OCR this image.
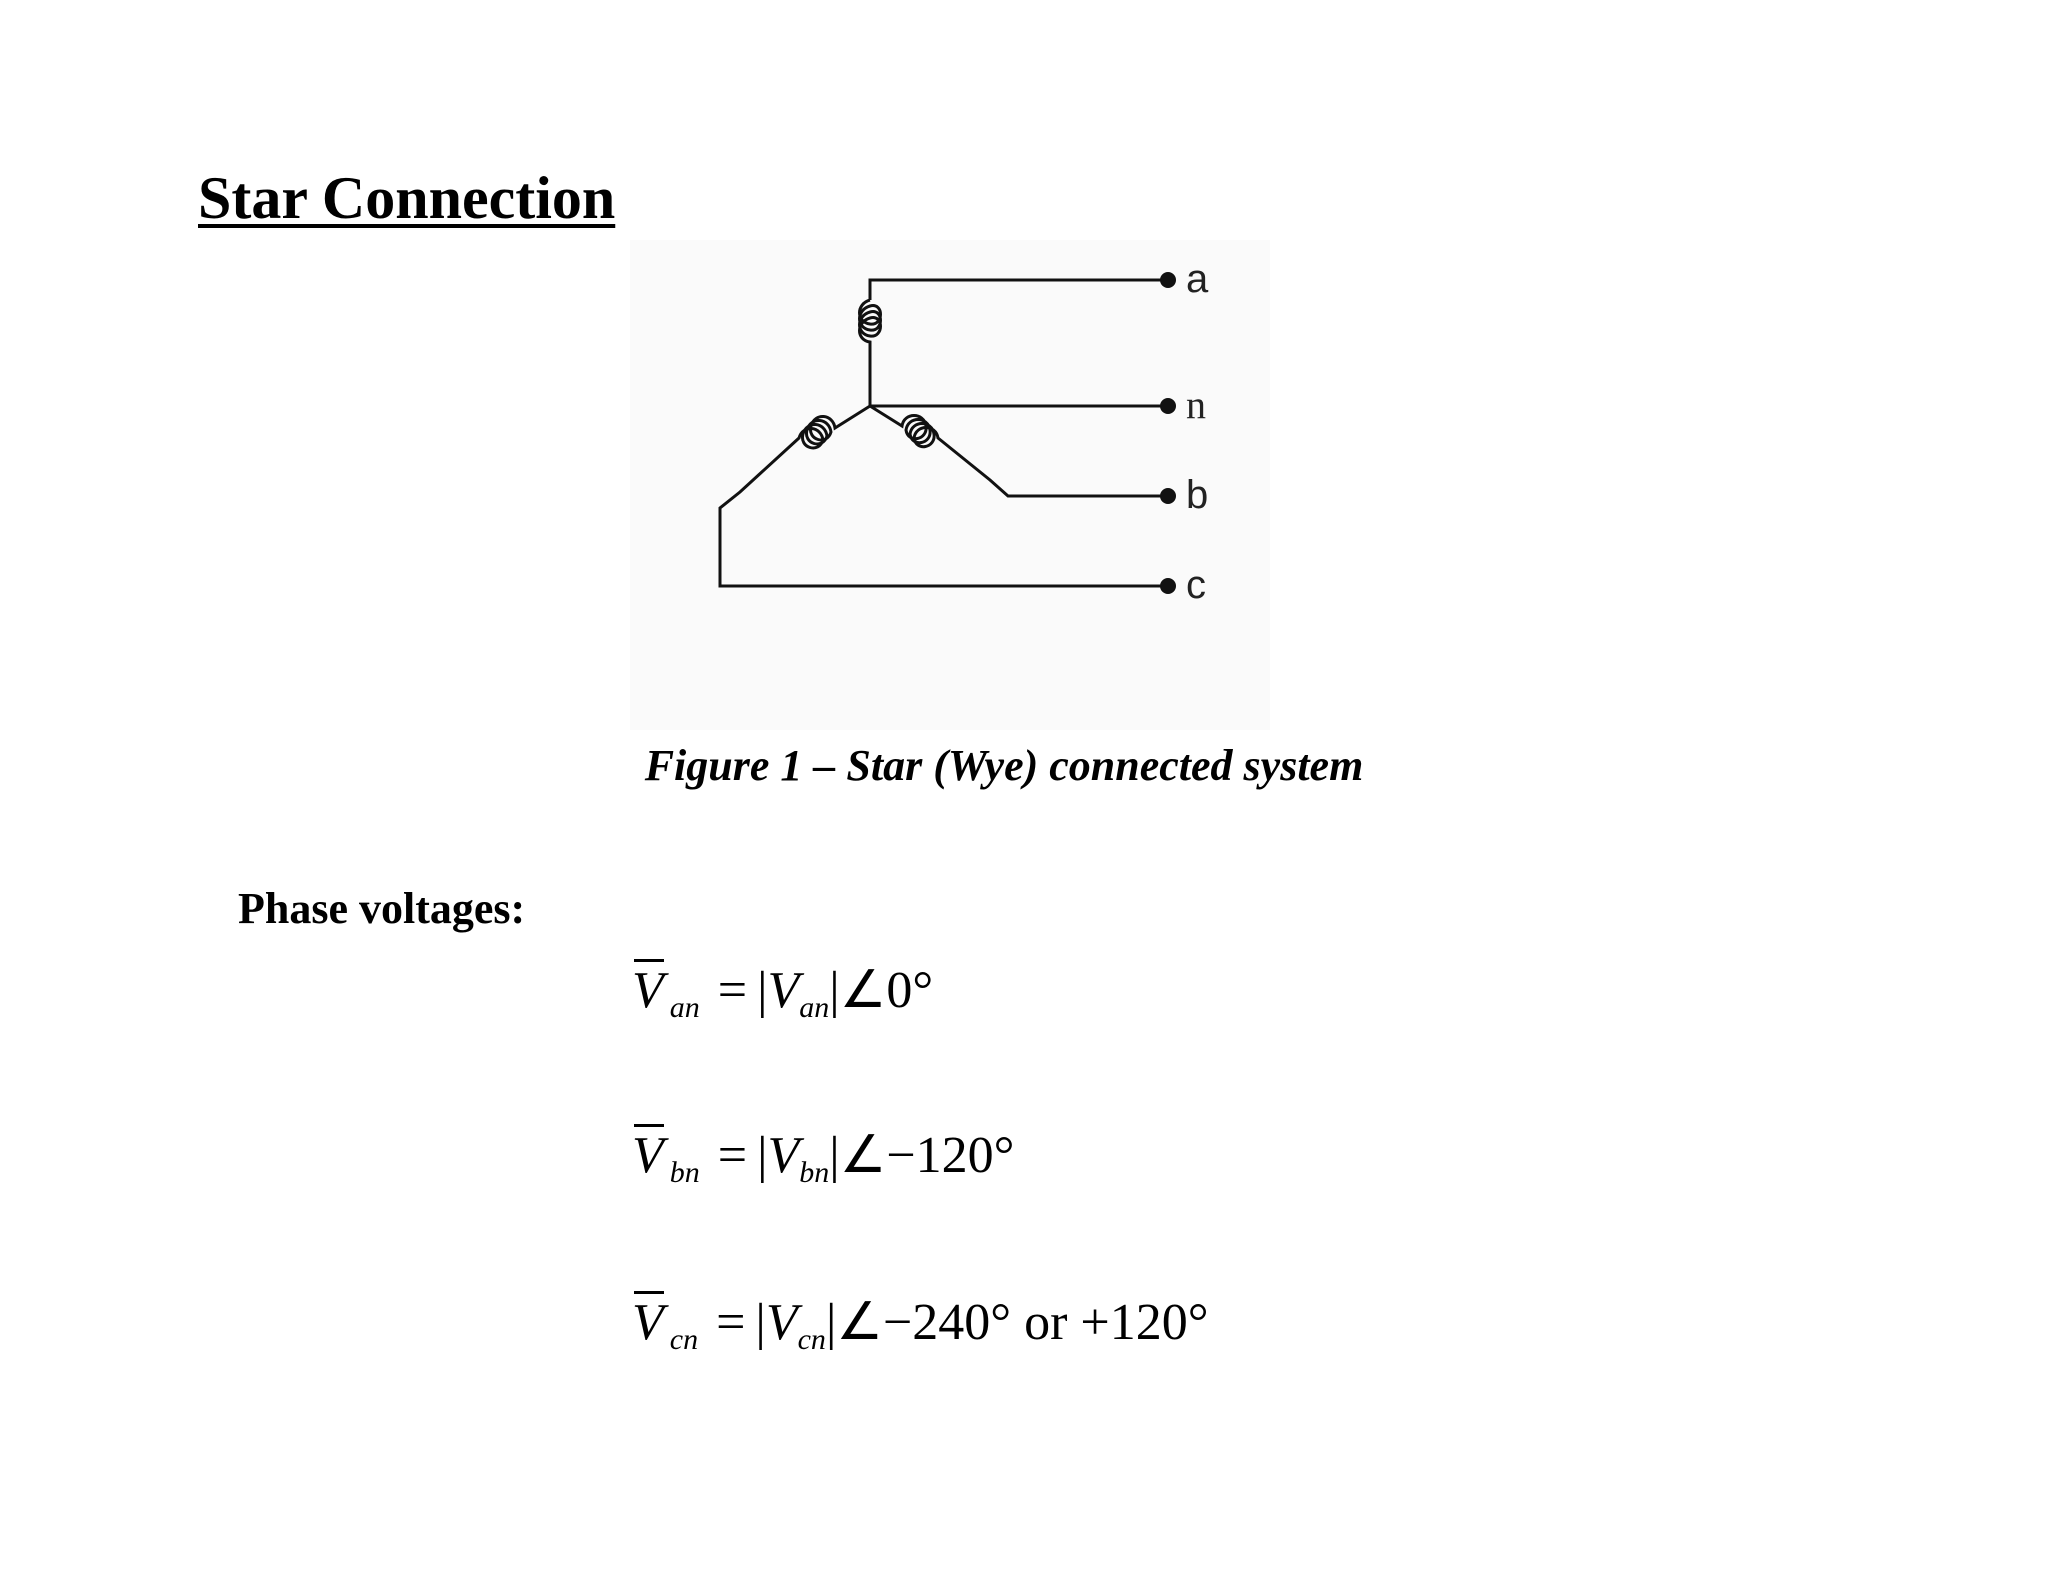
Star Connection
a
n
b
c
Figure 1 – Star (Wye) connected system
Phase voltages:
V $_{an} = |V_{an}|\angle 0^\circ$
V $_{bn} = |V_{bn}|\angle-120^\circ$
V $_{cn} = |V_{cn}|\angle-240^\circ$ or +120°
